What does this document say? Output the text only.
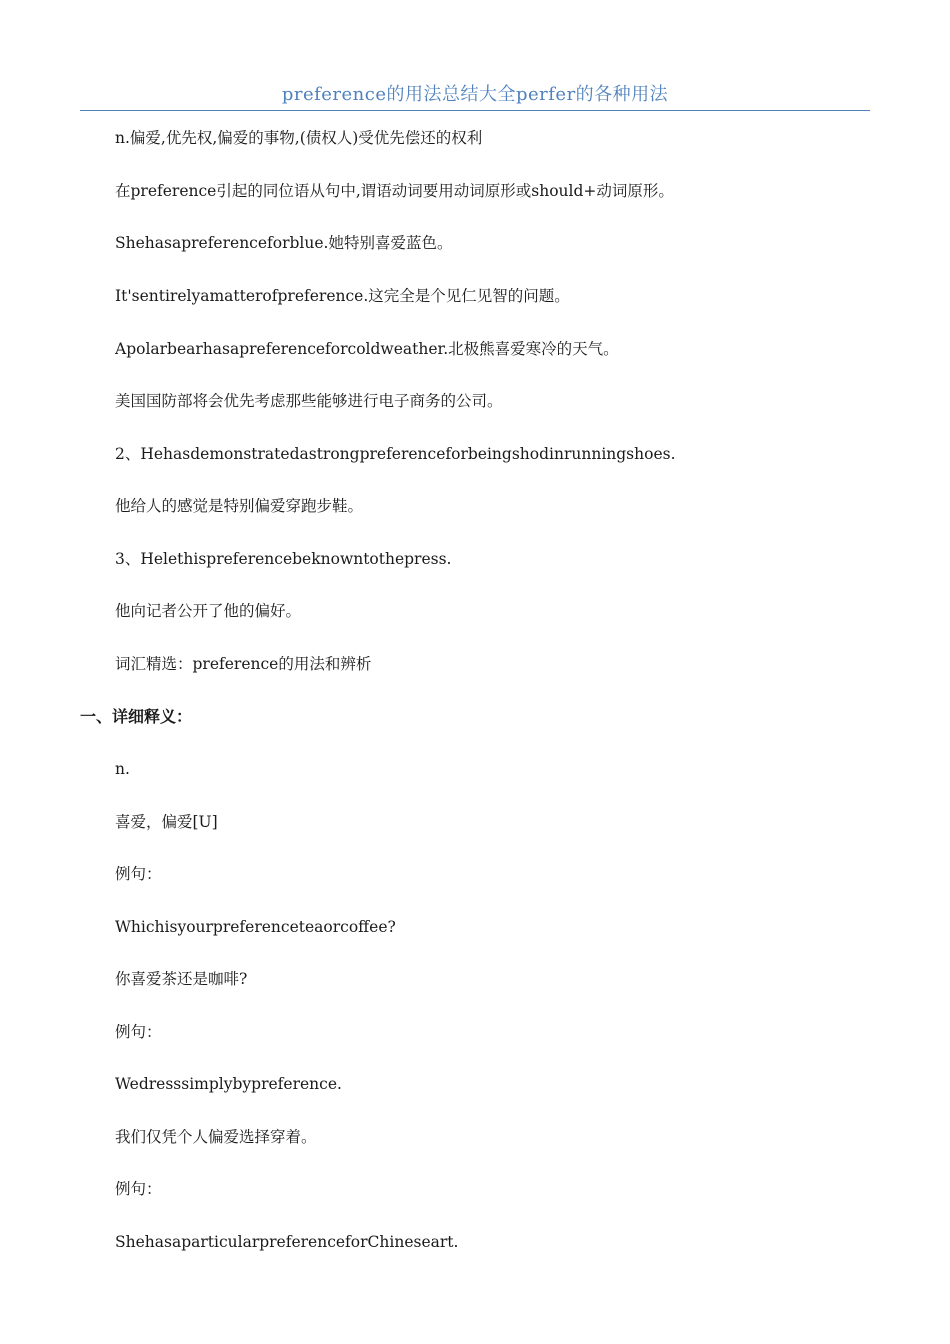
preference的用法总结大全perfer的各种用法
n.偏爱,优先权,偏爱的事物,(债权人)受优先偿还的权利
在preference引起的同位语从句中,谓语动词要用动词原形或should+动词原形。
Shehasapreferenceforblue.她特别喜爱蓝色。
It'sentirelyamatterofpreference.这完全是个见仁见智的问题。
Apolarbearhasapreferenceforcoldweather.北极熊喜爱寒冷的天气。
美国国防部将会优先考虑那些能够进行电子商务的公司。
2、Hehasdemonstratedastrongpreferenceforbeingshodinrunningshoes.
他给人的感觉是特别偏爱穿跑步鞋。
3、Helethispreferencebeknowntothepress.
他向记者公开了他的偏好。
词汇精选：preference的用法和辨析
一、详细释义：
n.
喜爱，偏爱[U]
例句：
Whichisyourpreferenceteaorcoffee?
你喜爱茶还是咖啡?
例句：
Wedresssimplybypreference.
我们仅凭个人偏爱选择穿着。
例句：
ShehasaparticularpreferenceforChineseart.
